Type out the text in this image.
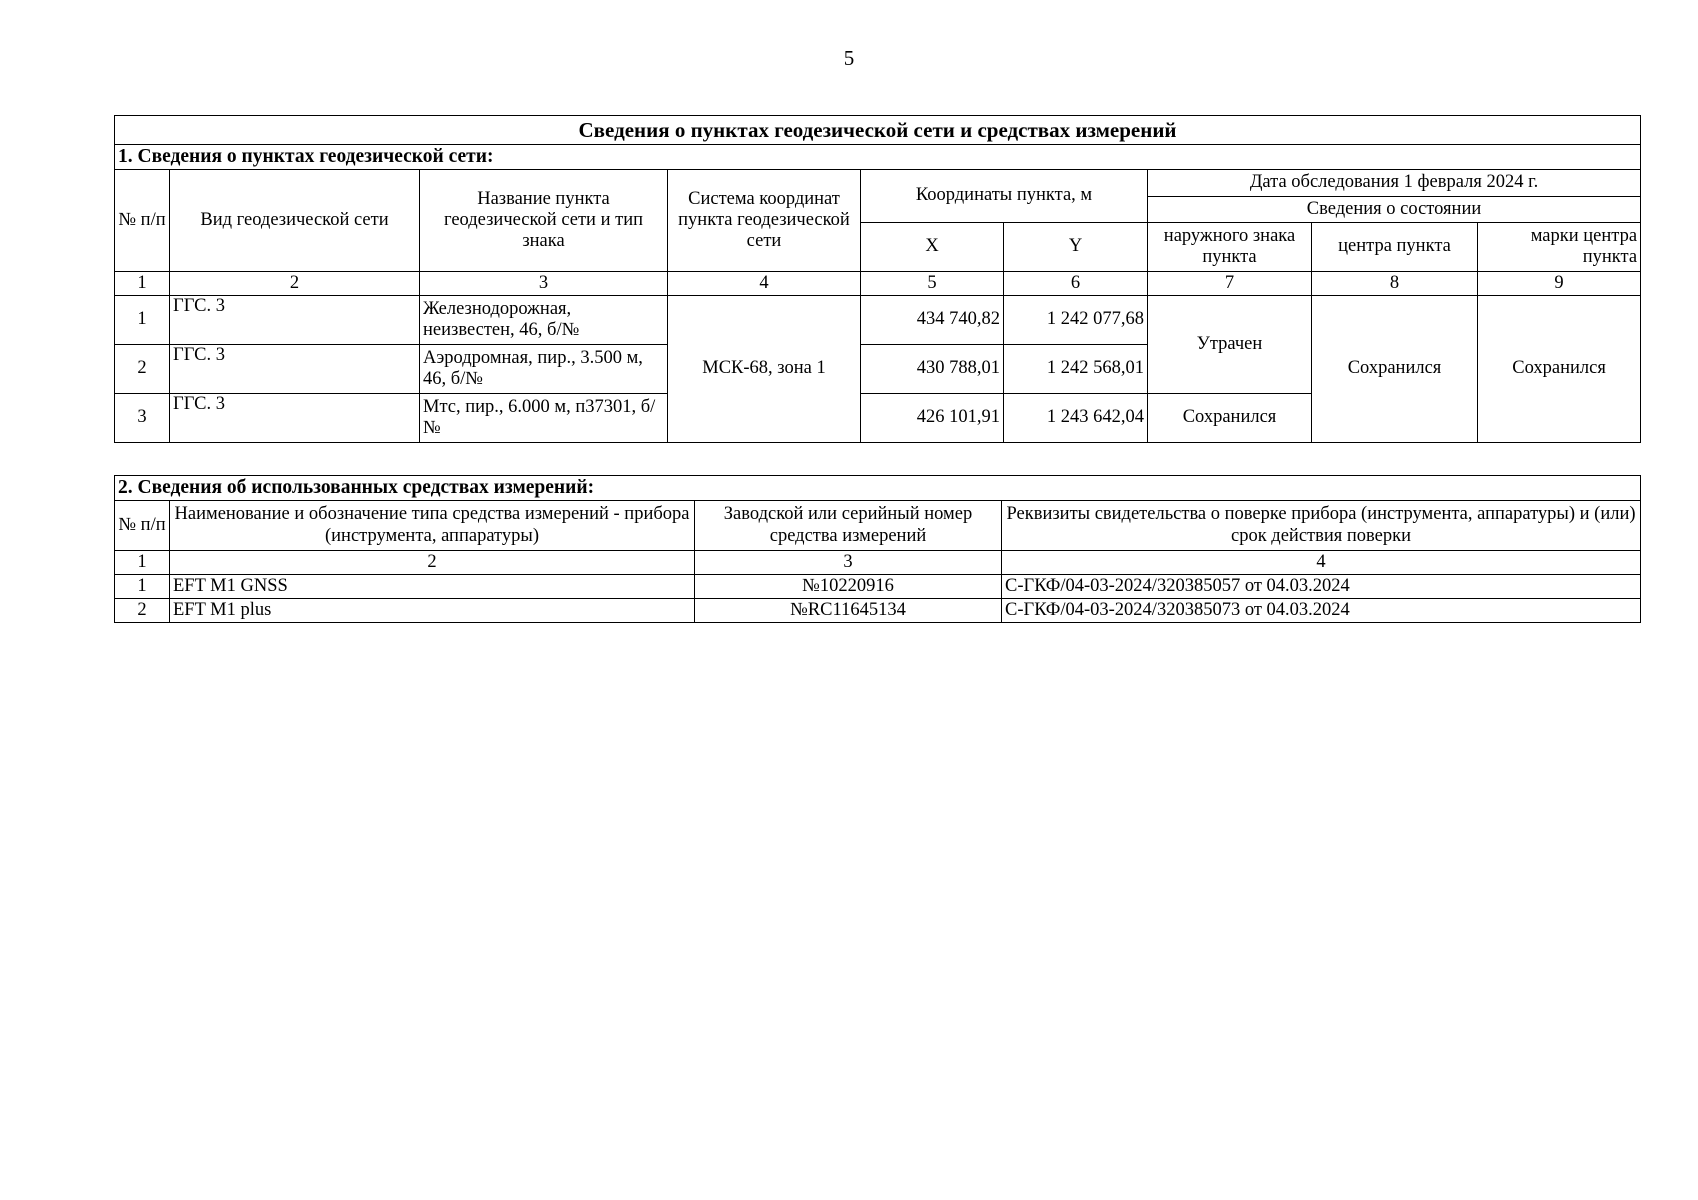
5
Сведения о пунктах геодезической сети и средствах измерений								
1. Сведения о пунктах геодезической сети:								
№ п/п	Вид геодезической сети	Название пункта геодезической сети и тип знака	Система координат пункта геодезической сети	Координаты пункта, м		Дата обследования 1 февраля 2024 г.		
						Сведения о состоянии		
				X	Y	наружного знака пункта	центра пункта	марки центра пункта
1	2	3	4	5	6	7	8	9
1	ГГС. 3	Железнодорожная, неизвестен, 46, б/№	МСК-68, зона 1	434 740,82	1 242 077,68	Утрачен	Сохранился	Сохранился
2	ГГС. 3	Аэродромная, пир., 3.500 м, 46, б/№		430 788,01	1 242 568,01			
3	ГГС. 3	Мтс, пир., 6.000 м, п37301, б/№		426 101,91	1 243 642,04	Сохранился		
2. Сведения об использованных средствах измерений:			
№ п/п	Наименование и обозначение типа средства измерений - прибора (инструмента, аппаратуры)	Заводской или серийный номер средства измерений	Реквизиты свидетельства о поверке прибора (инструмента, аппаратуры) и (или) срок действия поверки
1	2	3	4
1	EFT M1 GNSS	№10220916	С-ГКФ/04-03-2024/320385057 от 04.03.2024
2	EFT M1 plus	№RC11645134	С-ГКФ/04-03-2024/320385073 от 04.03.2024
